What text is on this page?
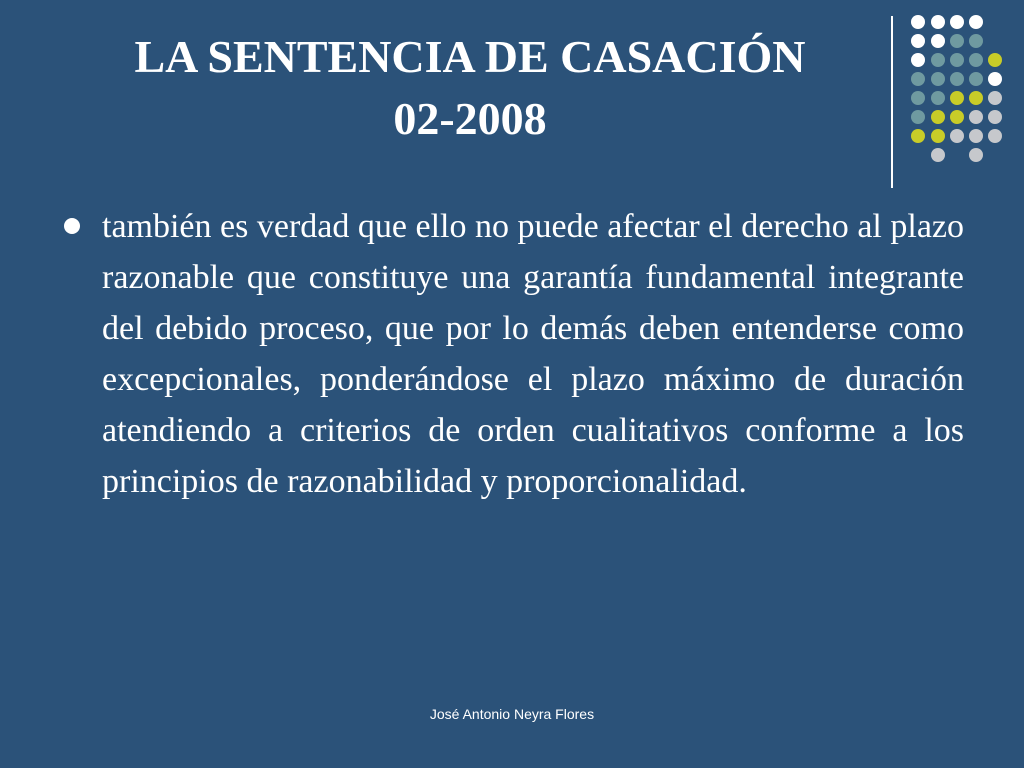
LA SENTENCIA DE CASACIÓN
02-2008

también es verdad que ello no puede afectar el derecho al plazo razonable que constituye una garantía fundamental integrante del debido proceso, que por lo demás deben entenderse como excepcionales, ponderándose el plazo máximo de duración atendiendo a criterios de orden cualitativos conforme a los principios de razonabilidad y proporcionalidad.

José Antonio Neyra Flores
